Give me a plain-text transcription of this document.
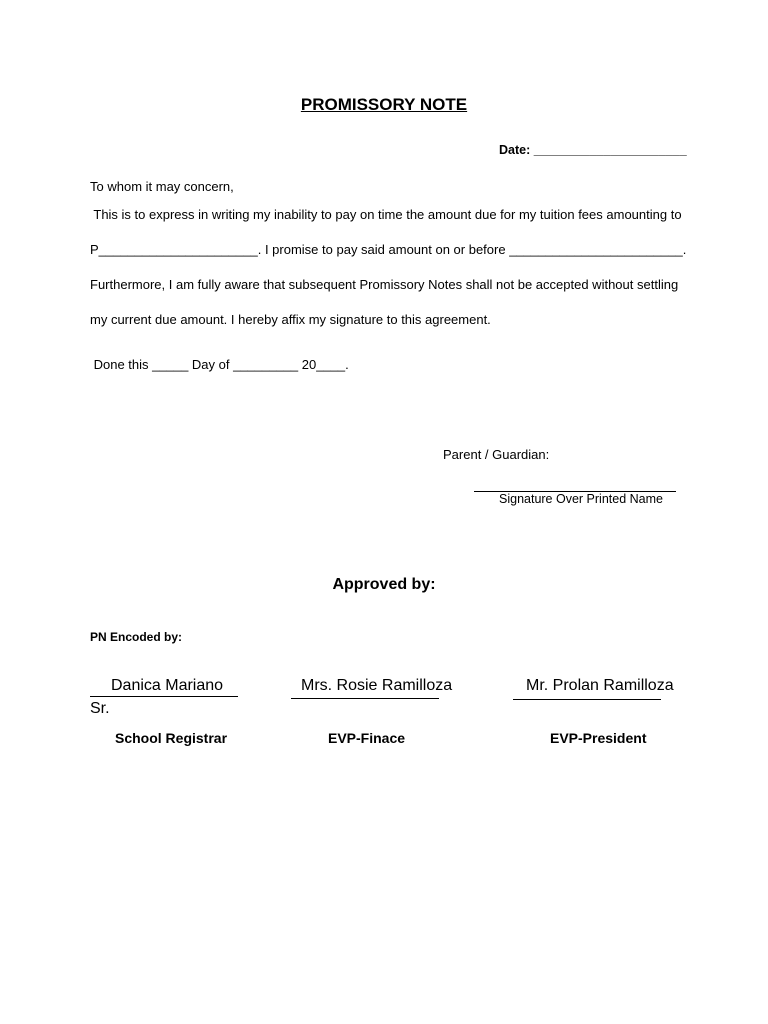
PROMISSORY NOTE
Date: ______________________
To whom it may concern,
This is to express in writing my inability to pay on time the amount due for my tuition fees amounting to
P______________________. I promise to pay said amount on or before ________________________.
Furthermore, I am fully aware that subsequent Promissory Notes shall not be accepted without settling
my current due amount. I hereby affix my signature to this agreement.
Done this _____ Day of _________ 20____.
Parent / Guardian:
Signature Over Printed Name
Approved by:
PN Encoded by:
Danica Mariano
Sr.
School Registrar
Mrs. Rosie Ramilloza
EVP-Finace
Mr. Prolan Ramilloza
EVP-President
